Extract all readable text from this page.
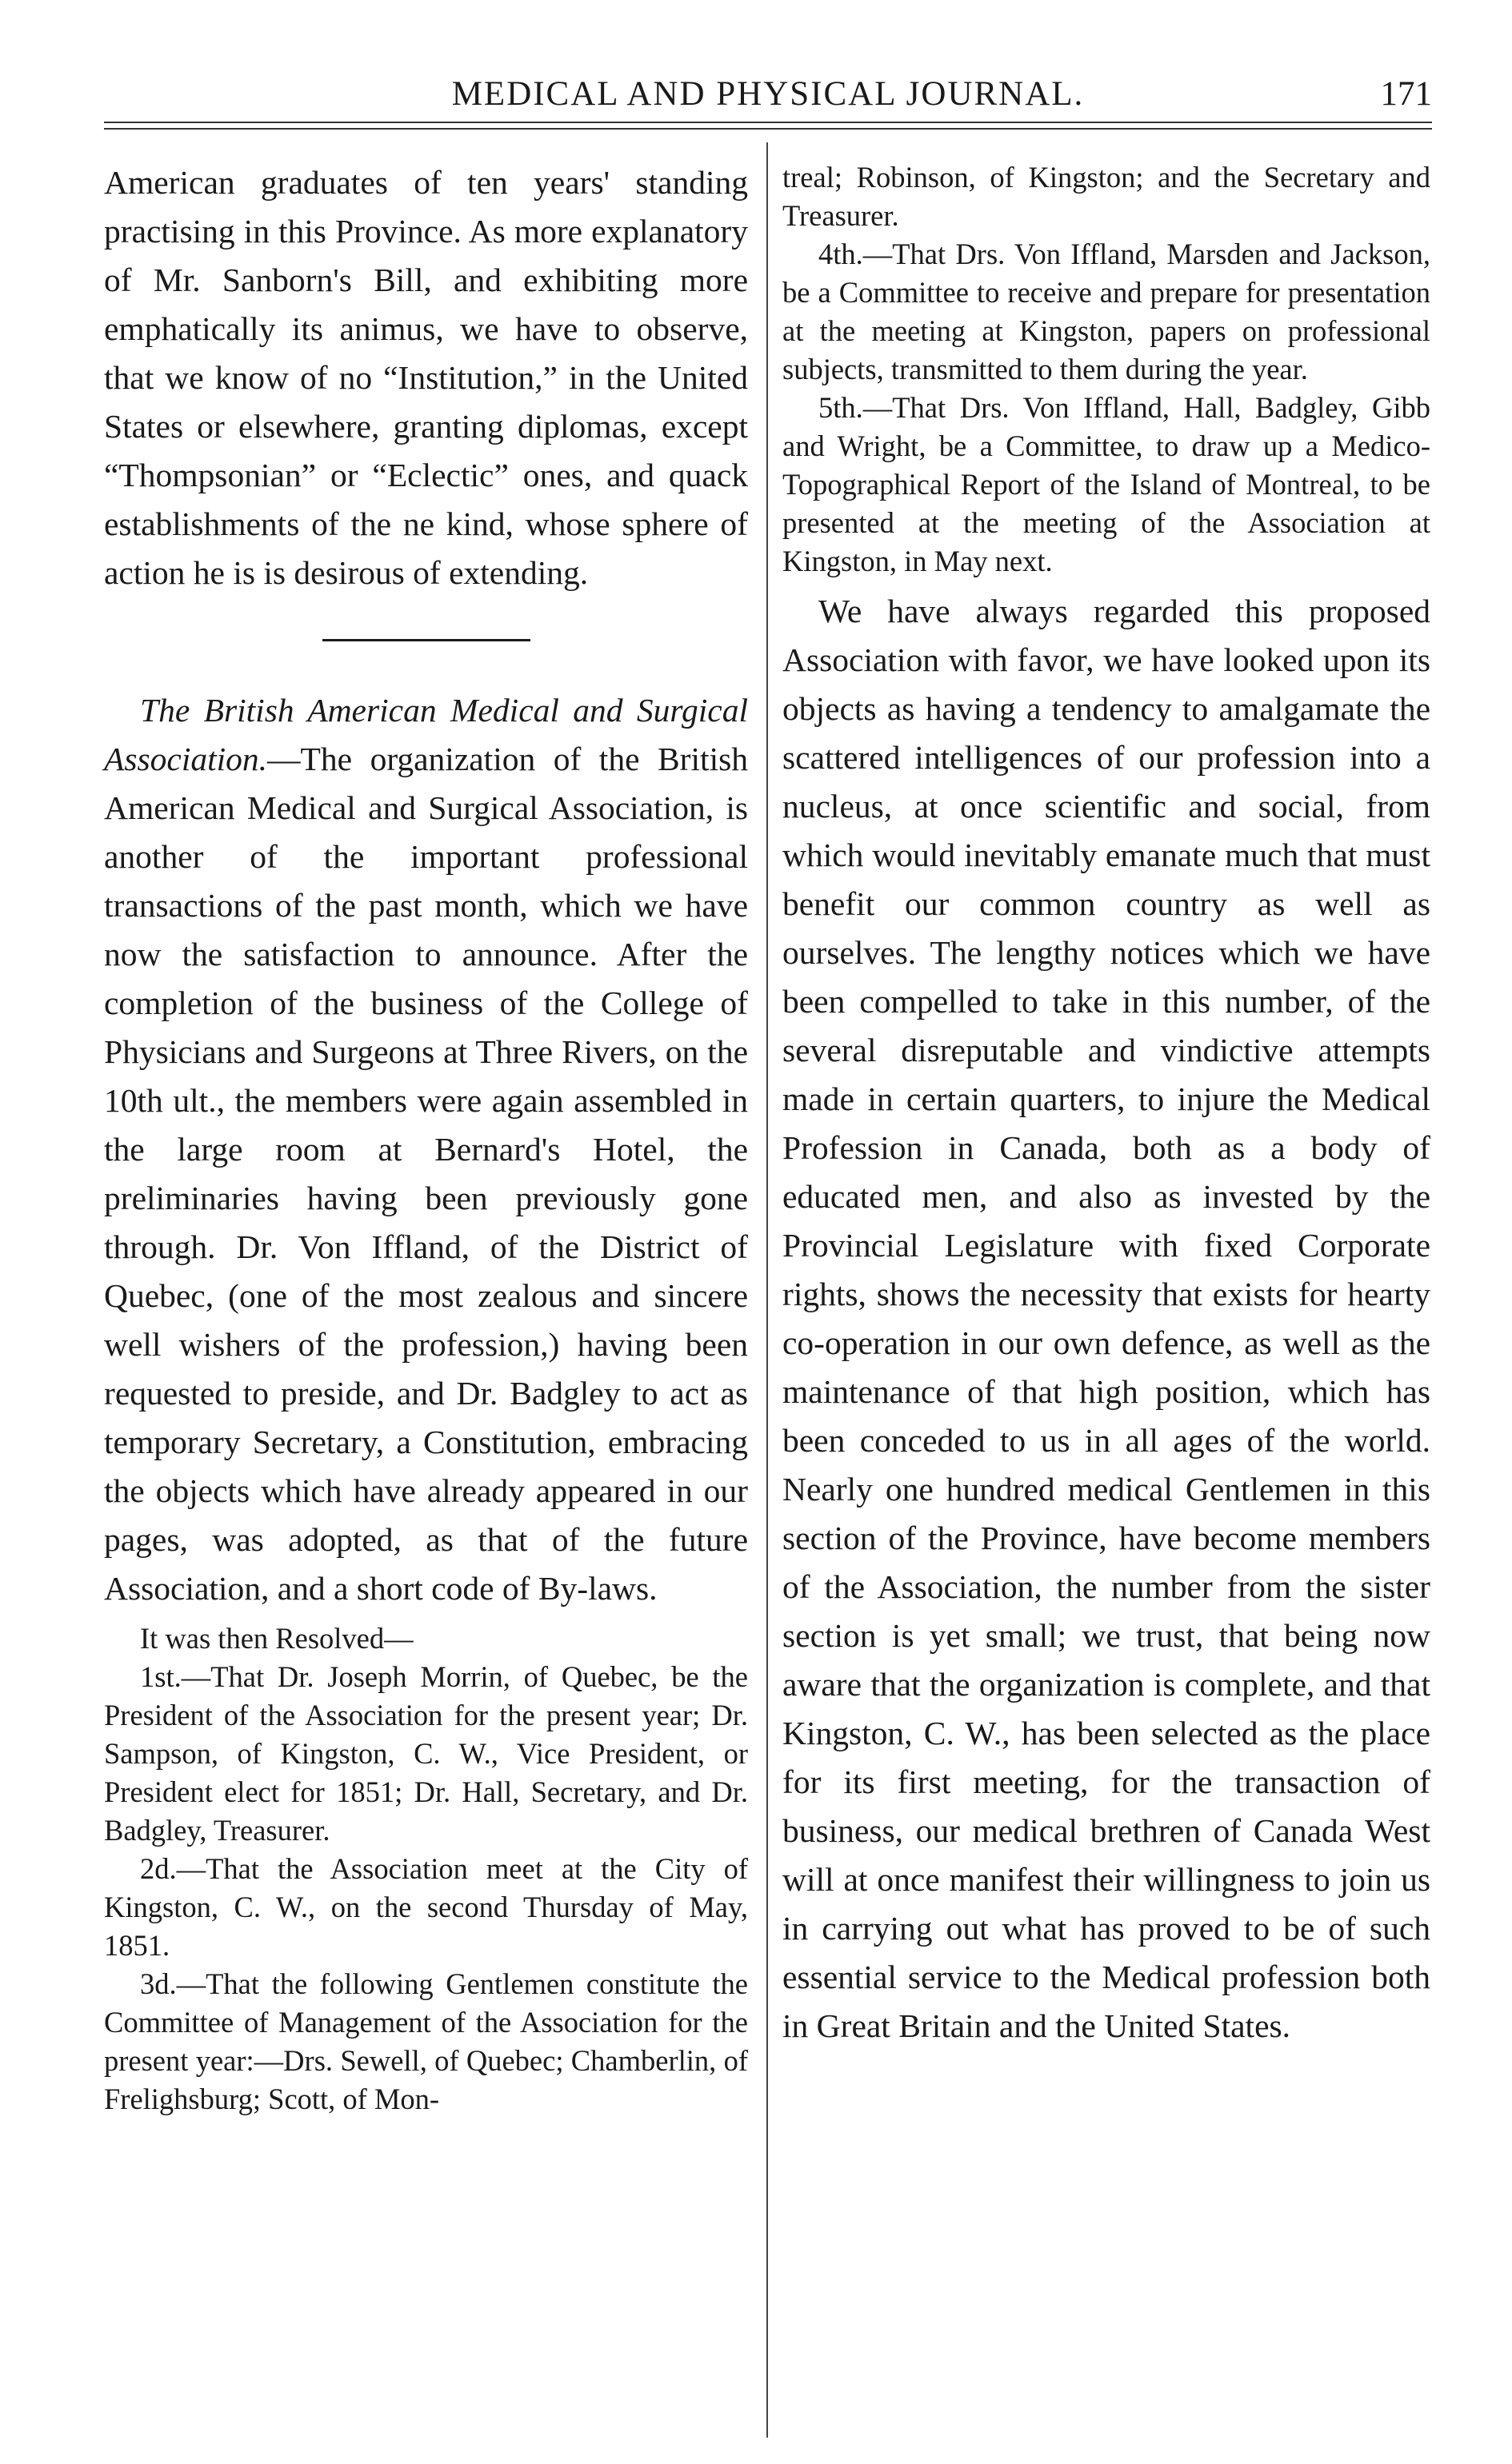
MEDICAL AND PHYSICAL JOURNAL.	171

American graduates of ten years' standing practising in this Province. As more explanatory of Mr. Sanborn's Bill, and exhibiting more emphatically its animus, we have to observe, that we know of no “Institution,” in the United States or elsewhere, granting diplomas, except “Thompsonian” or “Eclectic” ones, and quack establishments of the ne kind, whose sphere of action he is is desirous of extending.

The British American Medical and Surgical Association.—The organization of the British American Medical and Surgical Association, is another of the important professional transactions of the past month, which we have now the satisfaction to announce. After the completion of the business of the College of Physicians and Surgeons at Three Rivers, on the 10th ult., the members were again assembled in the large room at Bernard's Hotel, the preliminaries having been previously gone through. Dr. Von Iffland, of the District of Quebec, (one of the most zealous and sincere well wishers of the profession,) having been requested to preside, and Dr. Badgley to act as temporary Secretary, a Constitution, embracing the objects which have already appeared in our pages, was adopted, as that of the future Association, and a short code of By-laws.

It was then Resolved—

1st.—That Dr. Joseph Morrin, of Quebec, be the President of the Association for the present year; Dr. Sampson, of Kingston, C. W., Vice President, or President elect for 1851; Dr. Hall, Secretary, and Dr. Badgley, Treasurer.

2d.—That the Association meet at the City of Kingston, C. W., on the second Thursday of May, 1851.

3d.—That the following Gentlemen constitute the Committee of Management of the Association for the present year:—Drs. Sewell, of Quebec; Chamberlin, of Frelighsburg; Scott, of Mon-

treal; Robinson, of Kingston; and the Secretary and Treasurer.

4th.—That Drs. Von Iffland, Marsden and Jackson, be a Committee to receive and prepare for presentation at the meeting at Kingston, papers on professional subjects, transmitted to them during the year.

5th.—That Drs. Von Iffland, Hall, Badgley, Gibb and Wright, be a Committee, to draw up a Medico-Topographical Report of the Island of Montreal, to be presented at the meeting of the Association at Kingston, in May next.

We have always regarded this proposed Association with favor, we have looked upon its objects as having a tendency to amalgamate the scattered intelligences of our profession into a nucleus, at once scientific and social, from which would inevitably emanate much that must benefit our common country as well as ourselves. The lengthy notices which we have been compelled to take in this number, of the several disreputable and vindictive attempts made in certain quarters, to injure the Medical Profession in Canada, both as a body of educated men, and also as invested by the Provincial Legislature with fixed Corporate rights, shows the necessity that exists for hearty co-operation in our own defence, as well as the maintenance of that high position, which has been conceded to us in all ages of the world. Nearly one hundred medical Gentlemen in this section of the Province, have become members of the Association, the number from the sister section is yet small; we trust, that being now aware that the organization is complete, and that Kingston, C. W., has been selected as the place for its first meeting, for the transaction of business, our medical brethren of Canada West will at once manifest their willingness to join us in carrying out what has proved to be of such essential service to the Medical profession both in Great Britain and the United States.
